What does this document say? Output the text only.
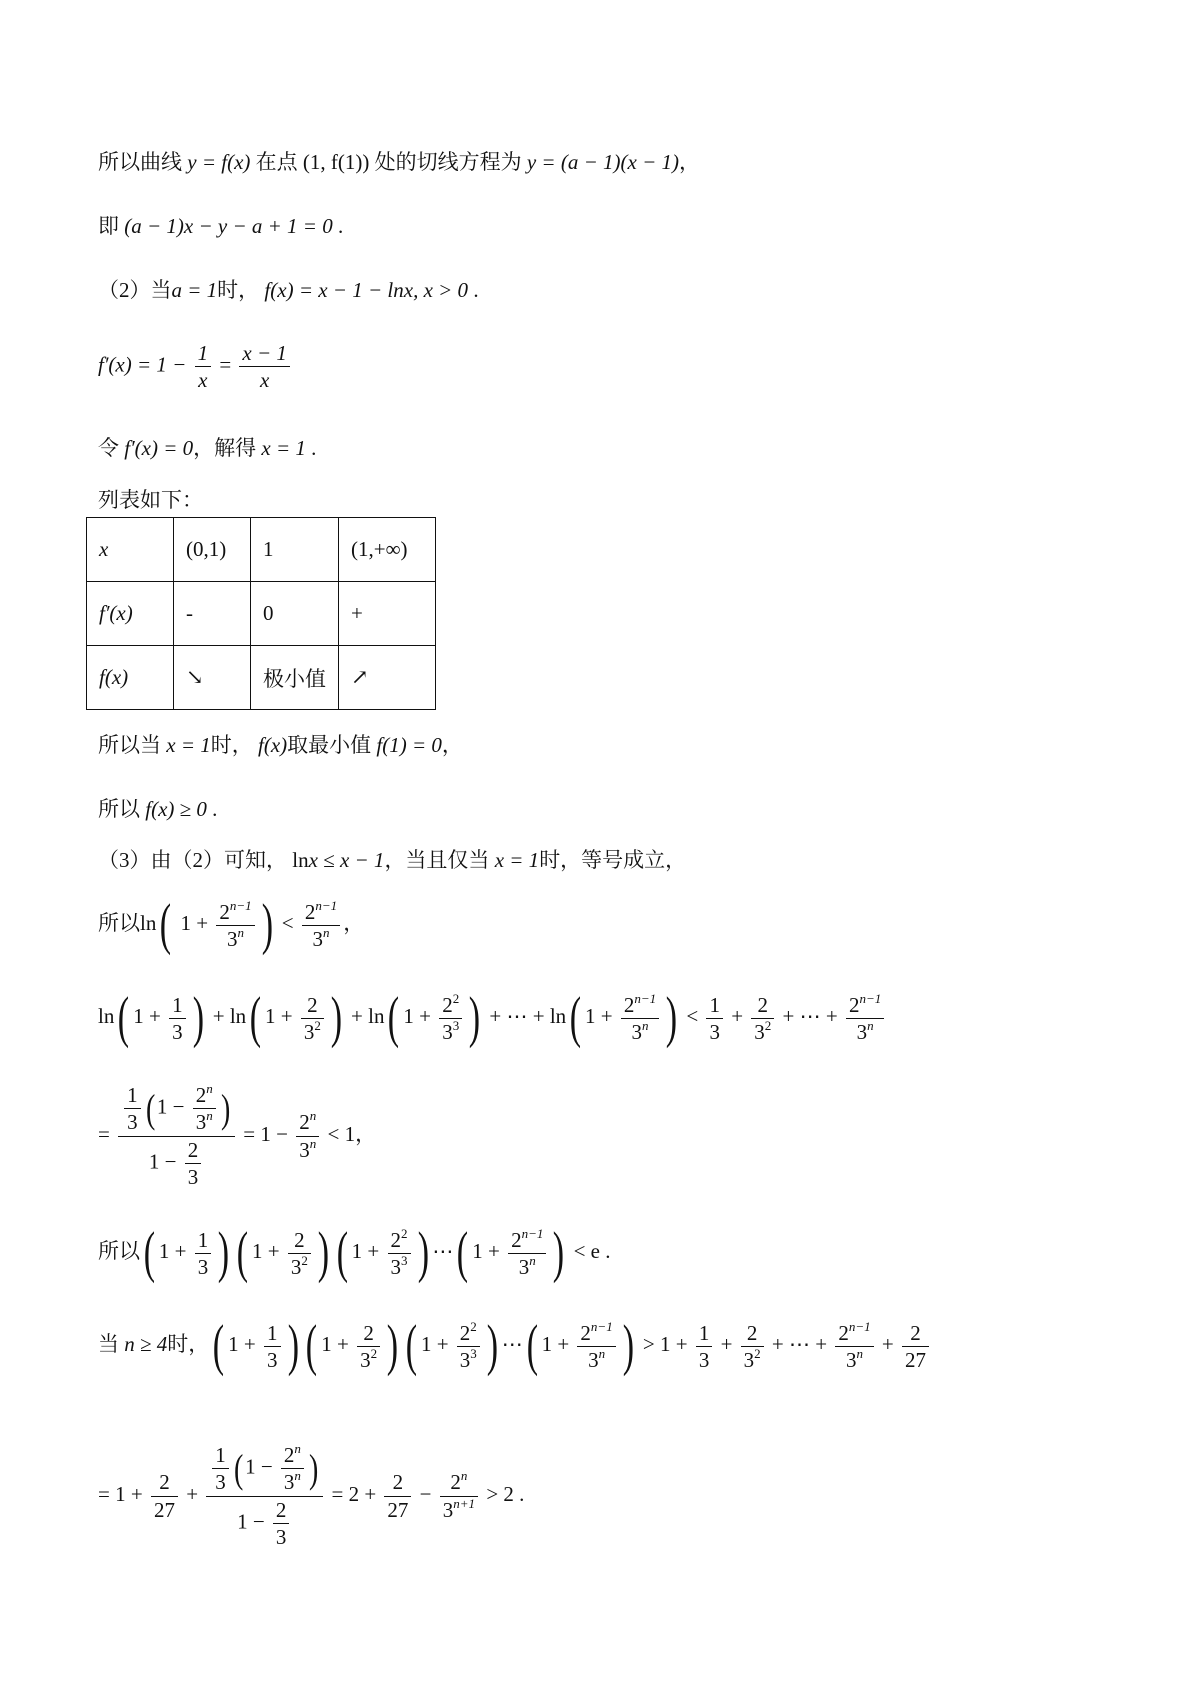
所以曲线 y = f(x) 在点 (1, f(1)) 处的切线方程为 y = (a − 1)(x − 1)，
即 (a − 1)x − y − a + 1 = 0 .
（2）当a = 1时， f(x) = x − 1 − lnx, x > 0 .
$f'(x) = 1 - \frac{1}{x} = \frac{x - 1}{x}$
令 f′(x) = 0，解得 x = 1 .
列表如下：
x	(0,1)	1	(1,+∞)
f′(x)	-	0	+
f(x)	↘	极小值	↗
所以当 x = 1时， f(x)取最小值 f(1) = 0，
所以 f(x) ≥ 0 .
（3）由（2）可知， lnx ≤ x − 1，当且仅当 x = 1时，等号成立，
所以ln( $1 + \frac{2^{n-1}}{3^n}$ ) < $\frac{2^{n-1}}{3^n}$ ，
ln( $1 + \frac{1}{3}$ ) + ln( $1 + \frac{2}{3^2}$ ) + ln( $1 + \frac{2^2}{3^3}$ ) + ⋯ + ln( $1 + \frac{2^{n-1}}{3^n}$ ) < $\frac{1}{3} + \frac{2}{3^2}$ + ⋯ + $\frac{2^{n-1}}{3^n}$
= $\frac{\frac{1}{3} (1 - \frac{2^n}{3^n} )}{1 - \frac{2}{3}} = 1 - \frac{2^n}{3^n} < 1$，
所以( $1 + \frac{1}{3}$ ) ( $1 + \frac{2}{3^2}$ ) ( $1 + \frac{2^2}{3^3}$ ) ⋯( $1 + \frac{2^{n-1}}{3^n}$ ) < e .
当 n ≥ 4时，( $1 + \frac{1}{3}$ ) ( $1 + \frac{2}{3^2}$ ) ( $1 + \frac{2^2}{3^3}$ ) ⋯( $1 + \frac{2^{n-1}}{3^n}$ ) > $1 + \frac{1}{3} + \frac{2}{3^2}$ + ⋯ + $\frac{2^{n-1}}{3^n} + \frac{2}{27}$
= $1 + \frac{2}{27} + \frac{\frac{1}{3} (1 - \frac{2^n}{3^n} )}{1 - \frac{2}{3}} = 2 + \frac{2}{27} - \frac{2^n}{3^{n+1}} > 2$ .
